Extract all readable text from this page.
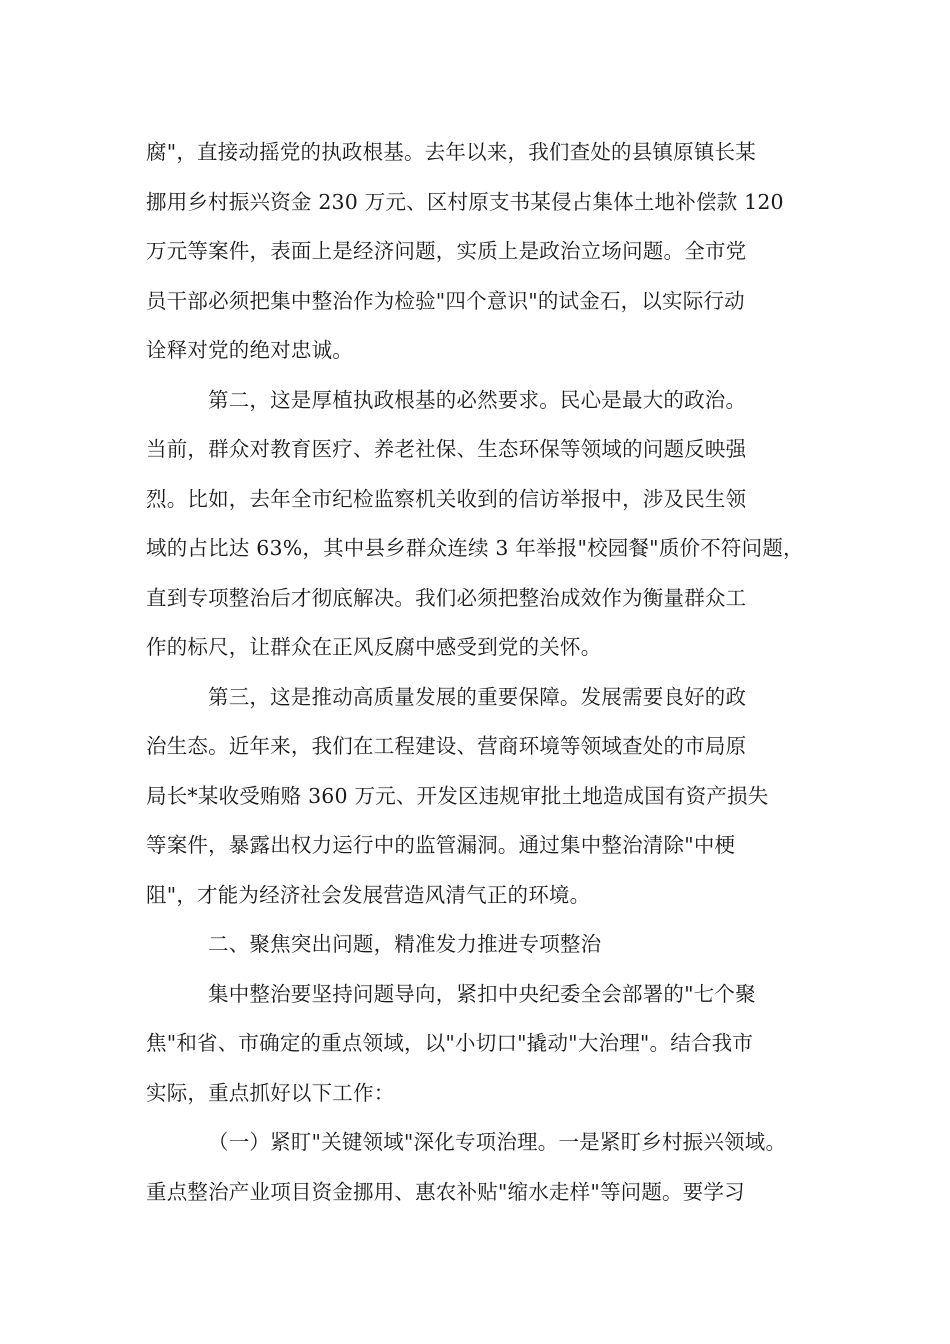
腐"，直接动摇党的执政根基。去年以来，我们查处的县镇原镇长某
挪用乡村振兴资金 230 万元、区村原支书某侵占集体土地补偿款 120
万元等案件，表面上是经济问题，实质上是政治立场问题。全市党
员干部必须把集中整治作为检验"四个意识"的试金石，以实际行动
诠释对党的绝对忠诚。
第二，这是厚植执政根基的必然要求。民心是最大的政治。
当前，群众对教育医疗、养老社保、生态环保等领域的问题反映强
烈。比如，去年全市纪检监察机关收到的信访举报中，涉及民生领
域的占比达 63%，其中县乡群众连续 3 年举报"校园餐"质价不符问题，
直到专项整治后才彻底解决。我们必须把整治成效作为衡量群众工
作的标尺，让群众在正风反腐中感受到党的关怀。
第三，这是推动高质量发展的重要保障。发展需要良好的政
治生态。近年来，我们在工程建设、营商环境等领域查处的市局原
局长*某收受贿赂 360 万元、开发区违规审批土地造成国有资产损失
等案件，暴露出权力运行中的监管漏洞。通过集中整治清除"中梗
阻"，才能为经济社会发展营造风清气正的环境。
二、聚焦突出问题，精准发力推进专项整治
集中整治要坚持问题导向，紧扣中央纪委全会部署的"七个聚
焦"和省、市确定的重点领域，以"小切口"撬动"大治理"。结合我市
实际，重点抓好以下工作：
（一）紧盯"关键领域"深化专项治理。一是紧盯乡村振兴领域。
重点整治产业项目资金挪用、惠农补贴"缩水走样"等问题。要学习
